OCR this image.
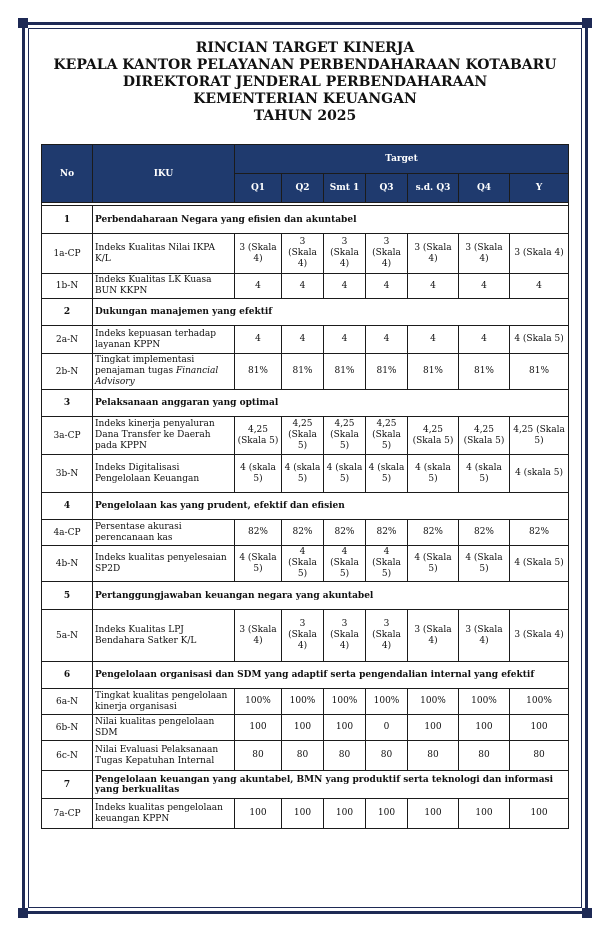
RINCIAN TARGET KINERJA
KEPALA KANTOR PELAYANAN PERBENDAHARAAN KOTABARU
DIREKTORAT JENDERAL PERBENDAHARAAN
KEMENTERIAN KEUANGAN
TAHUN 2025
No	IKU	Target						
		Q1	Q2	Smt 1	Q3	s.d. Q3	Q4	Y

1	Perbendaharaan Negara yang efisien dan akuntabel							
1a-CP	Indeks Kualitas Nilai IKPA K/L	3 (Skala 4)	3 (Skala 4)	3 (Skala 4)	3 (Skala 4)	3 (Skala 4)	3 (Skala 4)	3 (Skala 4)
1b-N	Indeks Kualitas LK Kuasa BUN KKPN	4	4	4	4	4	4	4
2	Dukungan manajemen yang efektif							
2a-N	Indeks kepuasan terhadap layanan KPPN	4	4	4	4	4	4	4 (Skala 5)
2b-N	Tingkat implementasi penajaman tugas Financial Advisory	81%	81%	81%	81%	81%	81%	81%
3	Pelaksanaan anggaran yang optimal							
3a-CP	Indeks kinerja penyaluran Dana Transfer ke Daerah pada KPPN	4,25 (Skala 5)	4,25 (Skala 5)	4,25 (Skala 5)	4,25 (Skala 5)	4,25 (Skala 5)	4,25 (Skala 5)	4,25 (Skala 5)
3b-N	Indeks Digitalisasi Pengelolaan Keuangan	4 (skala 5)	4 (skala 5)	4 (skala 5)	4 (skala 5)	4 (skala 5)	4 (skala 5)	4 (skala 5)
4	Pengelolaan kas yang prudent, efektif dan efisien							
4a-CP	Persentase akurasi perencanaan kas	82%	82%	82%	82%	82%	82%	82%
4b-N	Indeks kualitas penyelesaian SP2D	4 (Skala 5)	4 (Skala 5)	4 (Skala 5)	4 (Skala 5)	4 (Skala 5)	4 (Skala 5)	4 (Skala 5)
5	Pertanggungjawaban keuangan negara yang akuntabel							
5a-N	Indeks Kualitas LPJ Bendahara Satker K/L	3 (Skala 4)	3 (Skala 4)	3 (Skala 4)	3 (Skala 4)	3 (Skala 4)	3 (Skala 4)	3 (Skala 4)
6	Pengelolaan organisasi dan SDM yang adaptif serta pengendalian internal yang efektif							
6a-N	Tingkat kualitas pengelolaan kinerja organisasi	100%	100%	100%	100%	100%	100%	100%
6b-N	Nilai kualitas pengelolaan SDM	100	100	100	0	100	100	100
6c-N	Nilai Evaluasi Pelaksanaan Tugas Kepatuhan Internal	80	80	80	80	80	80	80
7	Pengelolaan keuangan yang akuntabel, BMN yang produktif serta teknologi dan informasi yang berkualitas							
7a-CP	Indeks kualitas pengelolaan keuangan KPPN	100	100	100	100	100	100	100
